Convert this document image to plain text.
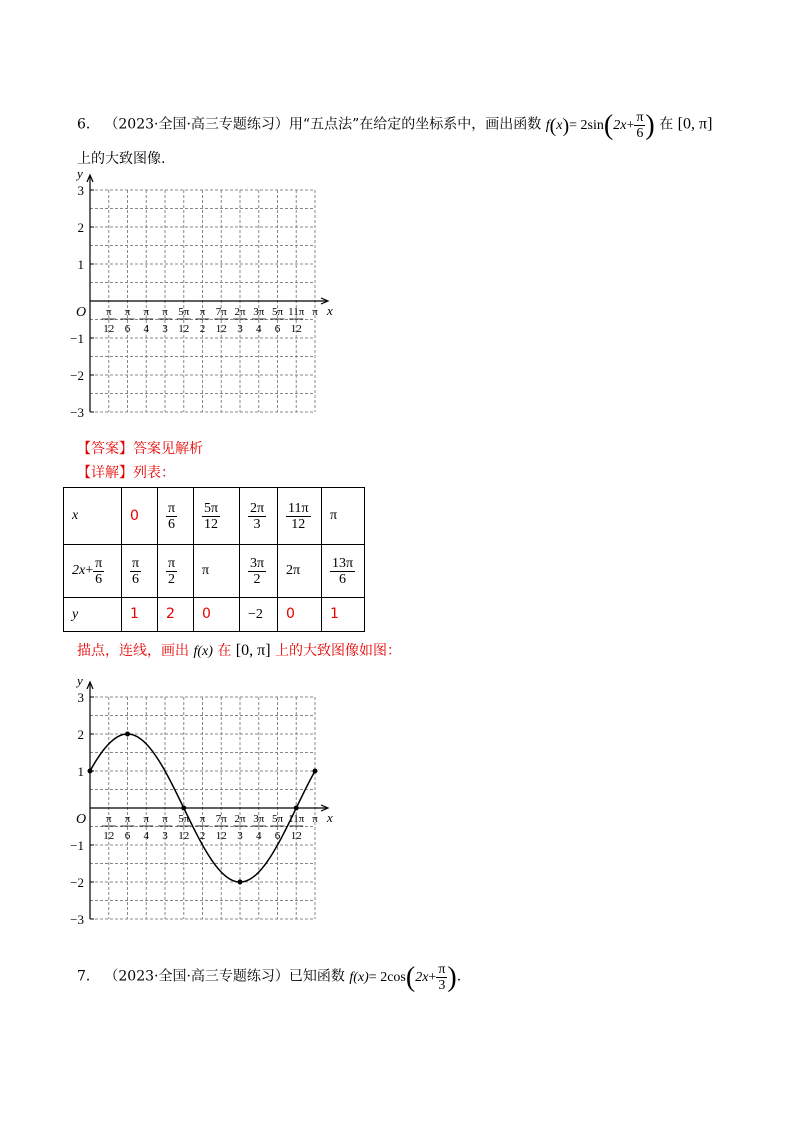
6． （2023·全国·高三专题练习）用“五点法”在给定的坐标系中，画出函数 $f(x)= 2\sin(2x+ \frac{\pi}{6}$ ) 在 [0, π]
上的大致图像.
y
x
O
3
2
1
−1
−2
−3
π
12
π
6
π
4
π
3
5π
12
π
2
7π
12
2π
3
3π
4
5π
6
11π
12
π
【答案】答案见解析
【详解】列表：
x	0	$\frac{\pi}{6}$	$\frac{5\pi}{12}$	$\frac{2\pi}{3}$	$\frac{11\pi}{12}$	π
$2x+ \frac{\pi}{6}$	$\frac{\pi}{6}$	$\frac{\pi}{2}$	π	$\frac{3\pi}{2}$	2π	$\frac{13\pi}{6}$

y	1	2	0	−2	0	1
描点，连线，画出 f(x) 在 [0, π] 上的大致图像如图：
y
x
O
3
2
1
−1
−2
−3
π
12
π
6
π
4
π
3
5π
12
π
2
7π
12
2π
3
3π
4
5π
6
11π
12
π
7． （2023·全国·高三专题练习）已知函数 $f(x)= 2\cos(2x+ \frac{\pi}{3}$ ).
